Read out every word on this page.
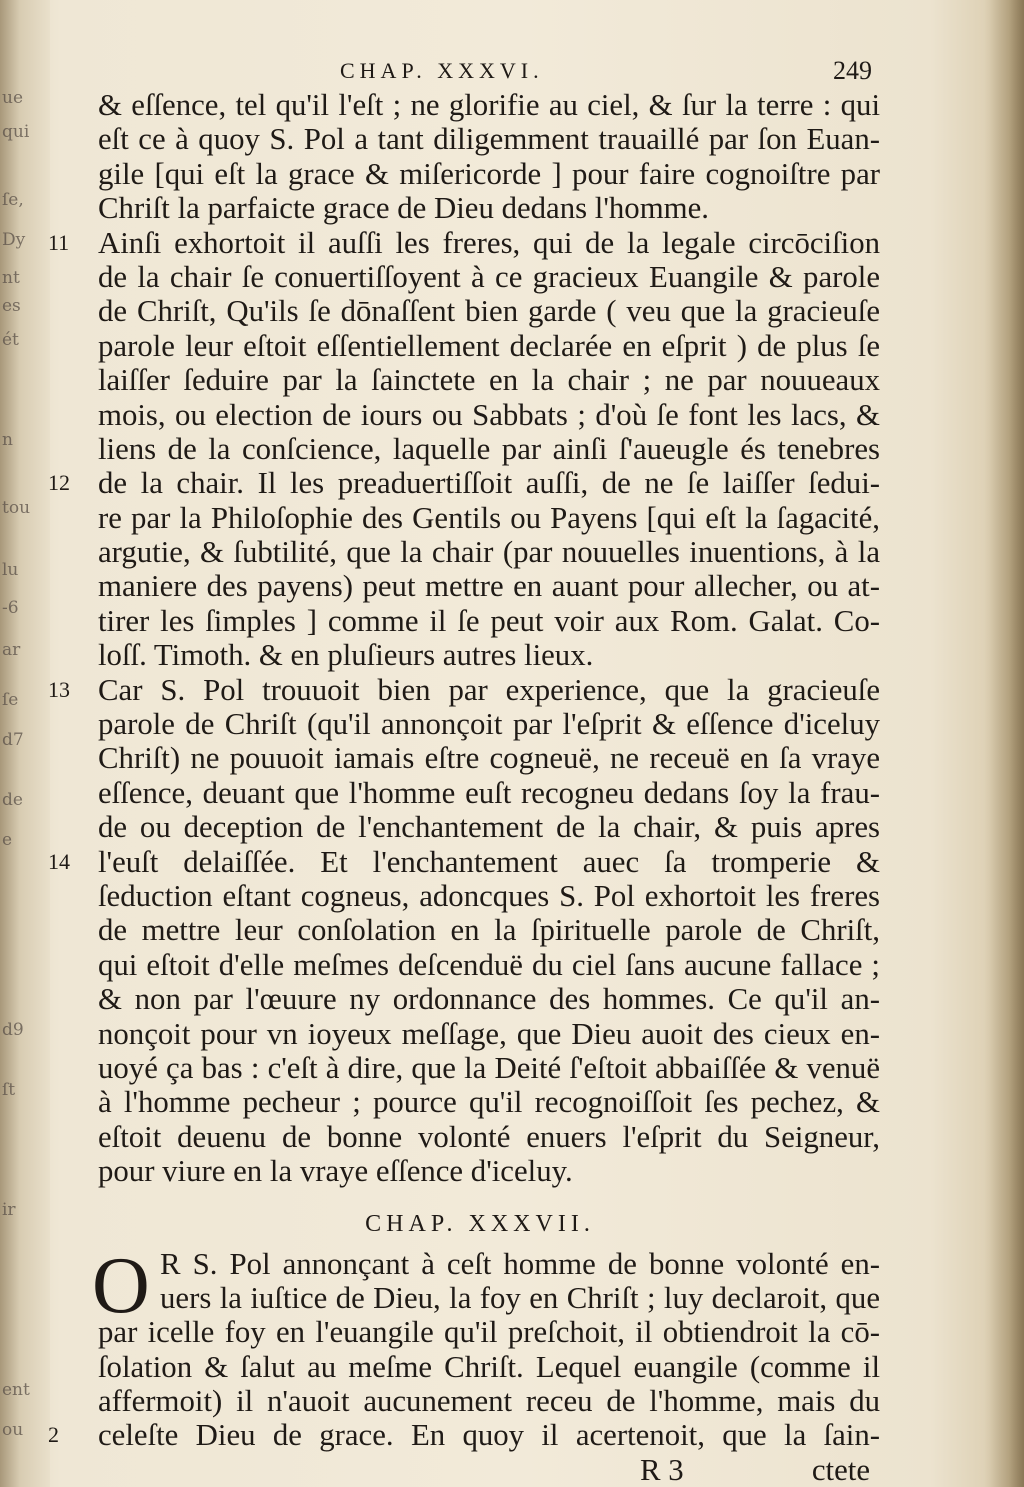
ue
qui
ſe,
Dy
nt
es
ét
n
tou
lu
-6
ar
ſe
d7
de
e
d9
ſt
ir
ent
ou
CHAP. XXXVI.	249
& eſſence, tel qu'il l'eſt ; ne glorifie au ciel, & ſur la terre : qui
eſt ce à quoy S. Pol a tant diligemment trauaillé par ſon Euan-
gile [qui eſt la grace & miſericorde ] pour faire cognoiſtre par
Chriſt la parfaicte grace de Dieu dedans l'homme.
11 Ainſi exhortoit il auſſi les freres, qui de la legale circōciſion
de la chair ſe conuertiſſoyent à ce gracieux Euangile & parole
de Chriſt, Qu'ils ſe dōnaſſent bien garde ( veu que la gracieuſe
parole leur eſtoit eſſentiellement declarée en eſprit ) de plus ſe
laiſſer ſeduire par la ſainctete en la chair ; ne par nouueaux
mois, ou election de iours ou Sabbats ; d'où ſe font les lacs, &
liens de la conſcience, laquelle par ainſi ſ'aueugle és tenebres
12 de la chair. Il les preaduertiſſoit auſſi, de ne ſe laiſſer ſedui-
re par la Philoſophie des Gentils ou Payens [qui eſt la ſagacité,
argutie, & ſubtilité, que la chair (par nouuelles inuentions, à la
maniere des payens) peut mettre en auant pour allecher, ou at-
tirer les ſimples ] comme il ſe peut voir aux Rom. Galat. Co-
loſſ. Timoth. & en pluſieurs autres lieux.
13 Car S. Pol trouuoit bien par experience, que la gracieuſe
parole de Chriſt (qu'il annonçoit par l'eſprit & eſſence d'iceluy
Chriſt) ne pouuoit iamais eſtre cogneuë, ne receuë en ſa vraye
eſſence, deuant que l'homme euſt recogneu dedans ſoy la frau-
de ou deception de l'enchantement de la chair, & puis apres
14 l'euſt delaiſſée. Et l'enchantement auec ſa tromperie &
ſeduction eſtant cogneus, adoncques S. Pol exhortoit les freres
de mettre leur conſolation en la ſpirituelle parole de Chriſt,
qui eſtoit d'elle meſmes deſcenduë du ciel ſans aucune fallace ;
& non par l'œuure ny ordonnance des hommes. Ce qu'il an-
nonçoit pour vn ioyeux meſſage, que Dieu auoit des cieux en-
uoyé ça bas : c'eſt à dire, que la Deité ſ'eſtoit abbaiſſée & venuë
à l'homme pecheur ; pource qu'il recognoiſſoit ſes pechez, &
eſtoit deuenu de bonne volonté enuers l'eſprit du Seigneur,
pour viure en la vraye eſſence d'iceluy.
CHAP. XXXVII.
O R S. Pol annonçant à ceſt homme de bonne volonté en-
uers la iuſtice de Dieu, la foy en Chriſt ; luy declaroit, que
par icelle foy en l'euangile qu'il preſchoit, il obtiendroit la cō-
ſolation & ſalut au meſme Chriſt. Lequel euangile (comme il
affermoit) il n'auoit aucunement receu de l'homme, mais du
2 celeſte Dieu de grace. En quoy il acertenoit, que la ſain-
R 3	ctete
